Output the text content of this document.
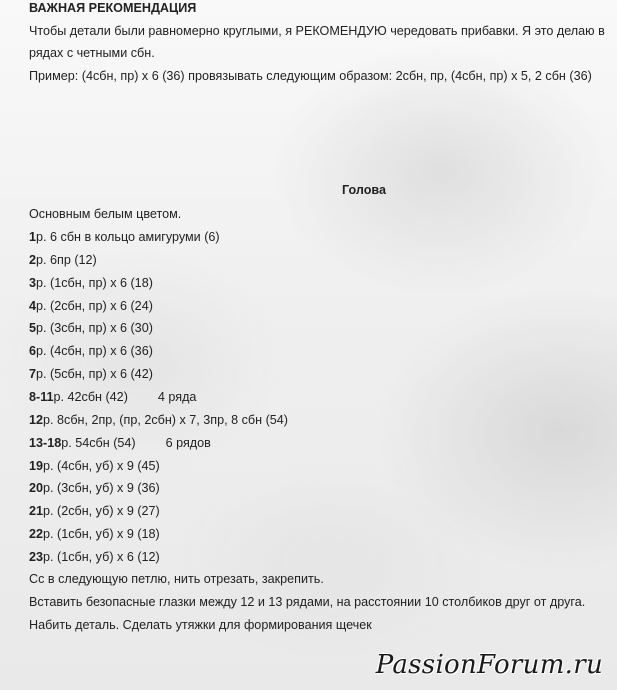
ВАЖНАЯ РЕКОМЕНДАЦИЯ
Чтобы детали были равномерно круглыми, я РЕКОМЕНДУЮ чередовать прибавки. Я это делаю в
рядах с четными сбн.
Пример: (4сбн, пр) х 6 (36) провязывать следующим образом: 2сбн, пр, (4сбн, пр) х 5, 2 сбн (36)
Голова
Основным белым цветом.
1р. 6 сбн в кольцо амигуруми (6)
2р. 6пр (12)
3р. (1сбн, пр) х 6 (18)
4р. (2сбн, пр) х 6 (24)
5р. (3сбн, пр) х 6 (30)
6р. (4сбн, пр) х 6 (36)
7р. (5сбн, пр) х 6 (42)
8-11р. 42сбн (42) 4 ряда
12р. 8сбн, 2пр, (пр, 2сбн) х 7, 3пр, 8 сбн (54)
13-18р. 54сбн (54) 6 рядов
19р. (4сбн, уб) х 9 (45)
20р. (3сбн, уб) х 9 (36)
21р. (2сбн, уб) х 9 (27)
22р. (1сбн, уб) х 9 (18)
23р. (1сбн, уб) х 6 (12)
Сс в следующую петлю, нить отрезать, закрепить.
Вставить безопасные глазки между 12 и 13 рядами, на расстоянии 10 столбиков друг от друга.
Набить деталь. Сделать утяжки для формирования щечек
PassionForum.ru
